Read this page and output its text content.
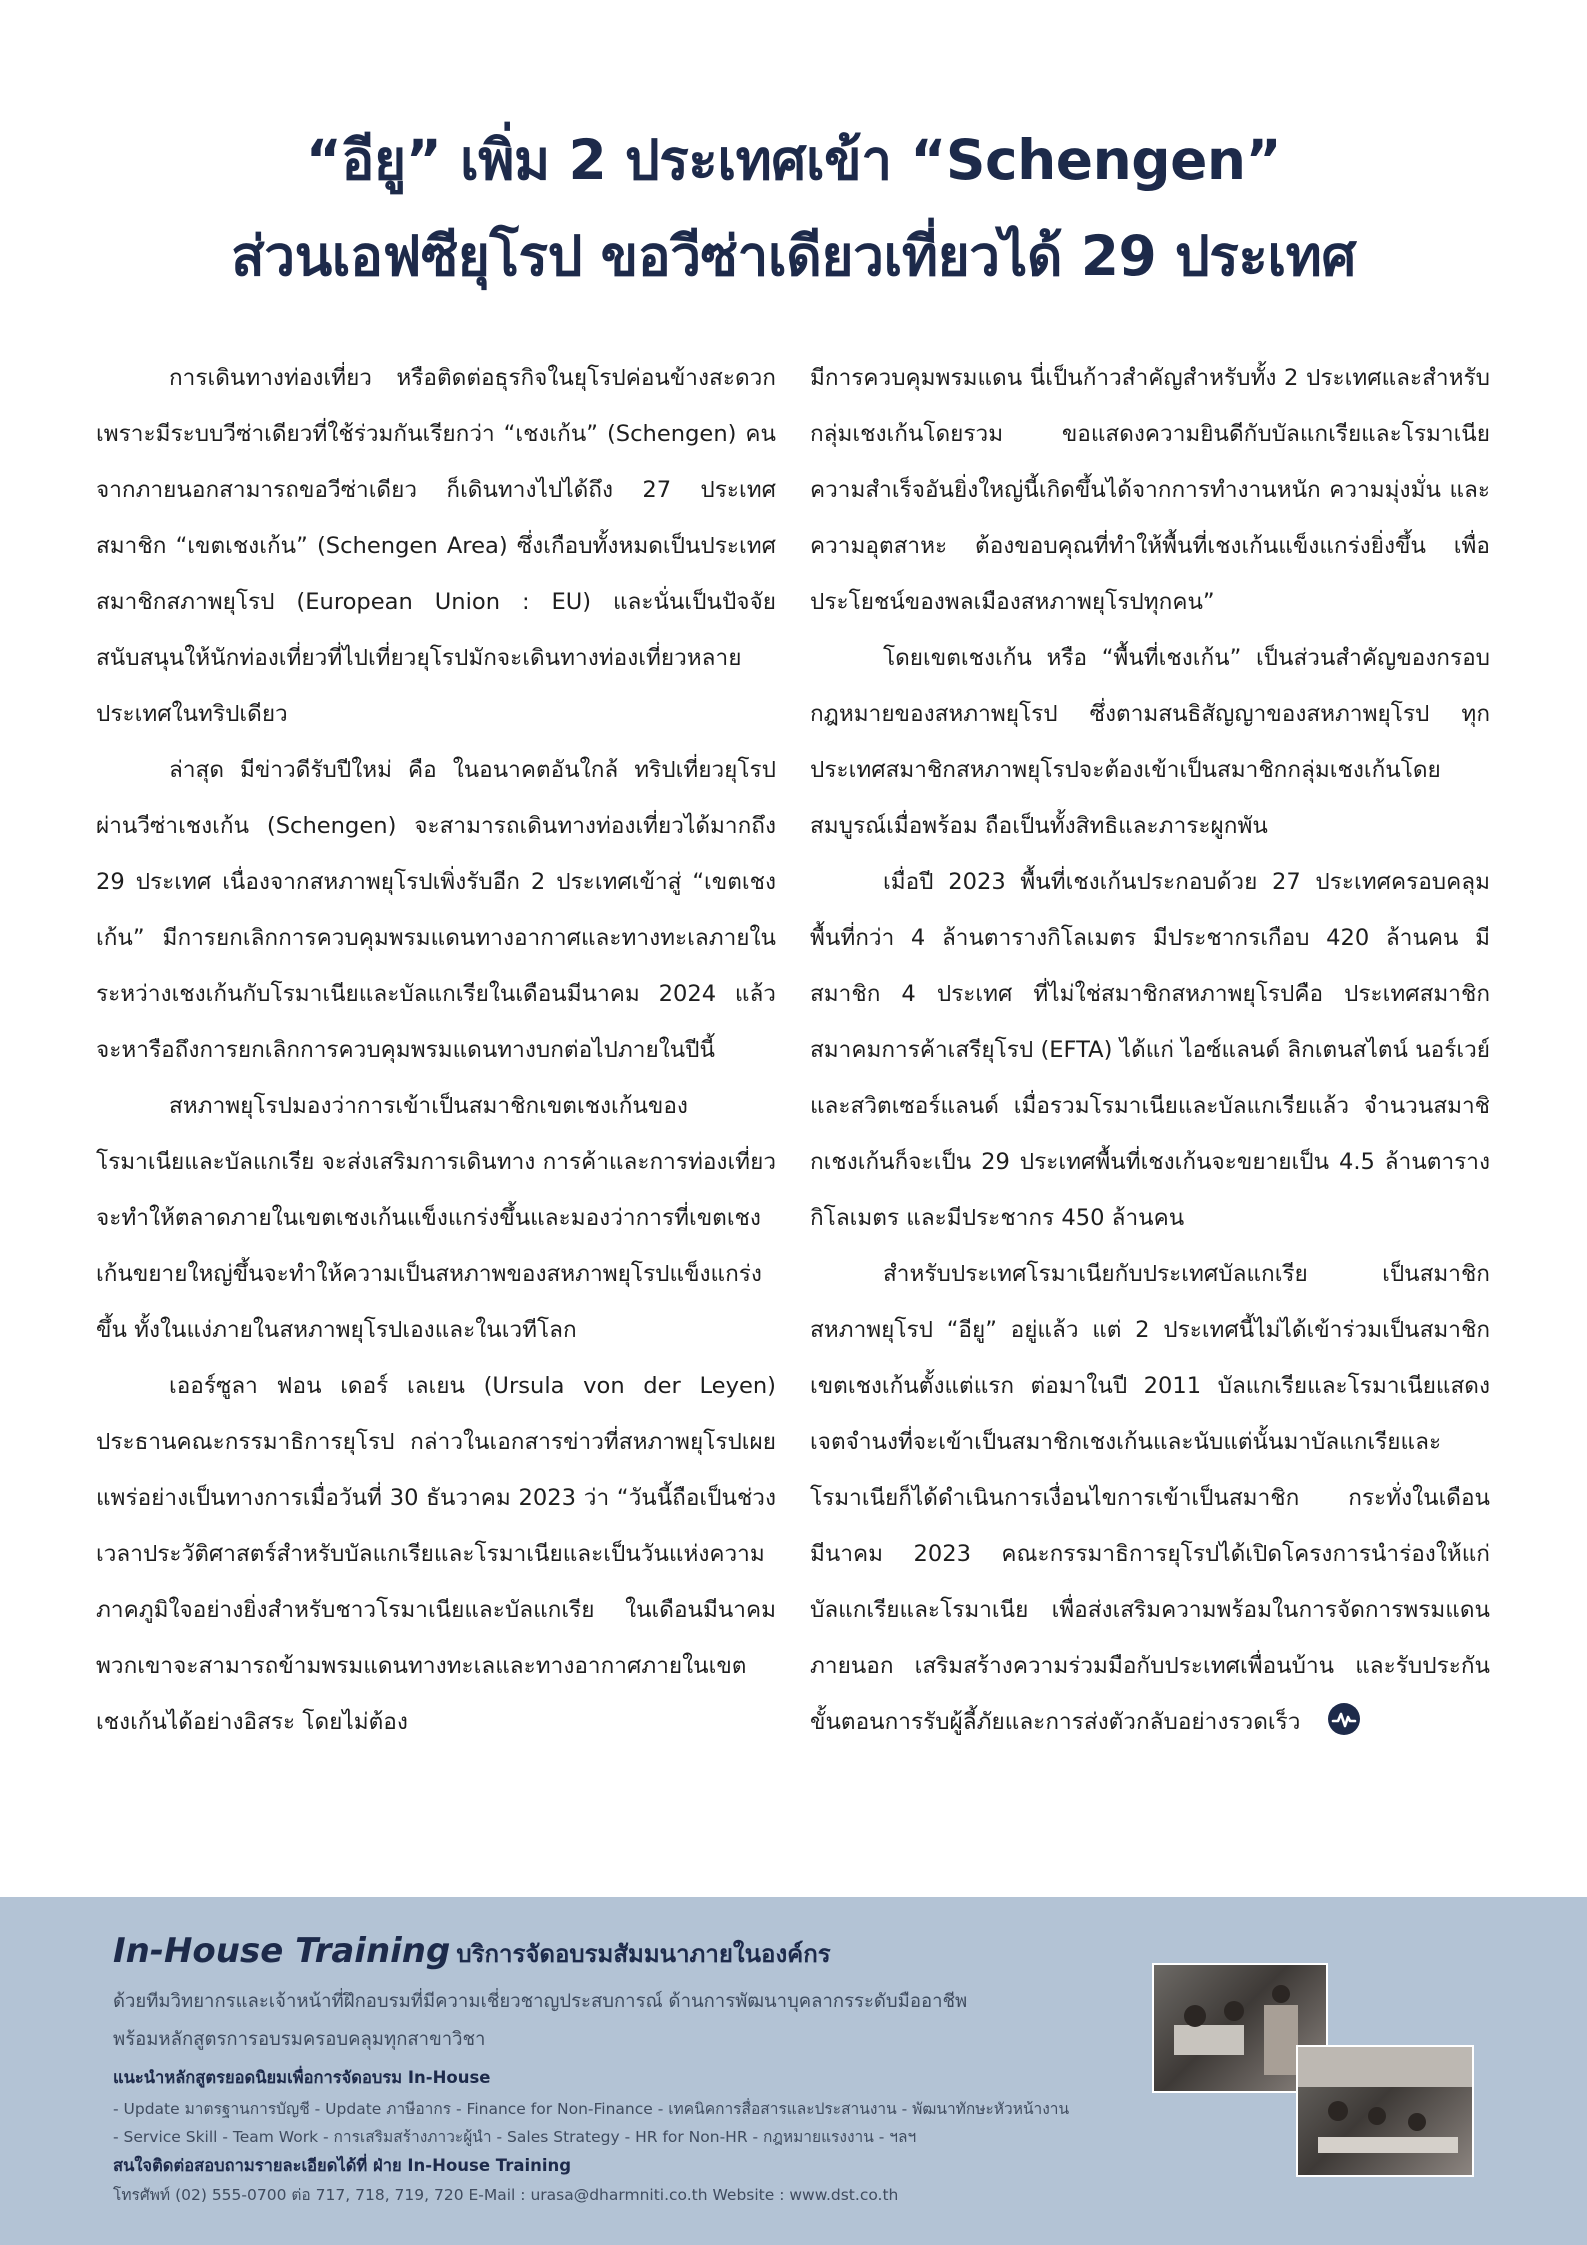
“อียู” เพิ่ม 2 ประเทศเข้า “Schengen”
ส่วนเอฟซียุโรป ขอวีซ่าเดียวเที่ยวได้ 29 ประเทศ

การเดินทางท่องเที่ยว หรือติดต่อธุรกิจในยุโรปค่อนข้างสะดวก เพราะมีระบบวีซ่าเดียวที่ใช้ร่วมกันเรียกว่า “เชงเก้น” (Schengen) คนจากภายนอกสามารถขอวีซ่าเดียว ก็เดินทางไปได้ถึง 27 ประเทศสมาชิก “เขตเชงเก้น” (Schengen Area) ซึ่งเกือบทั้งหมดเป็นประเทศสมาชิกสภาพยุโรป (European Union : EU) และนั่นเป็นปัจจัยสนับสนุนให้นักท่องเที่ยวที่ไปเที่ยวยุโรปมักจะเดินทางท่องเที่ยวหลายประเทศในทริปเดียว

ล่าสุด มีข่าวดีรับปีใหม่ คือ ในอนาคตอันใกล้ ทริปเที่ยวยุโรปผ่านวีซ่าเชงเก้น (Schengen) จะสามารถเดินทางท่องเที่ยวได้มากถึง 29 ประเทศ เนื่องจากสหภาพยุโรปเพิ่งรับอีก 2 ประเทศเข้าสู่ “เขตเชงเก้น” มีการยกเลิกการควบคุมพรมแดนทางอากาศและทางทะเลภายในระหว่างเชงเก้นกับโรมาเนียและบัลแกเรียในเดือนมีนาคม 2024 แล้วจะหารือถึงการยกเลิกการควบคุมพรมแดนทางบกต่อไปภายในปีนี้

สหภาพยุโรปมองว่าการเข้าเป็นสมาชิกเขตเชงเก้นของโรมาเนียและบัลแกเรีย จะส่งเสริมการเดินทาง การค้าและการท่องเที่ยว จะทำให้ตลาดภายในเขตเชงเก้นแข็งแกร่งขึ้นและมองว่าการที่เขตเชงเก้นขยายใหญ่ขึ้นจะทำให้ความเป็นสหภาพของสหภาพยุโรปแข็งแกร่งขึ้น ทั้งในแง่ภายในสหภาพยุโรปเองและในเวทีโลก

เออร์ซูลา ฟอน เดอร์ เลเยน (Ursula von der Leyen) ประธานคณะกรรมาธิการยุโรป กล่าวในเอกสารข่าวที่สหภาพยุโรปเผยแพร่อย่างเป็นทางการเมื่อวันที่ 30 ธันวาคม 2023 ว่า “วันนี้ถือเป็นช่วงเวลาประวัติศาสตร์สำหรับบัลแกเรียและโรมาเนียและเป็นวันแห่งความภาคภูมิใจอย่างยิ่งสำหรับชาวโรมาเนียและบัลแกเรีย ในเดือนมีนาคมพวกเขาจะสามารถข้ามพรมแดนทางทะเลและทางอากาศภายในเขตเชงเก้นได้อย่างอิสระ โดยไม่ต้อง

มีการควบคุมพรมแดน นี่เป็นก้าวสำคัญสำหรับทั้ง 2 ประเทศและสำหรับกลุ่มเชงเก้นโดยรวม ขอแสดงความยินดีกับบัลแกเรียและโรมาเนีย ความสำเร็จอันยิ่งใหญ่นี้เกิดขึ้นได้จากการทำงานหนัก ความมุ่งมั่น และความอุตสาหะ ต้องขอบคุณที่ทำให้พื้นที่เชงเก้นแข็งแกร่งยิ่งขึ้น เพื่อประโยชน์ของพลเมืองสหภาพยุโรปทุกคน”

โดยเขตเชงเก้น หรือ “พื้นที่เชงเก้น” เป็นส่วนสำคัญของกรอบกฎหมายของสหภาพยุโรป ซึ่งตามสนธิสัญญาของสหภาพยุโรป ทุกประเทศสมาชิกสหภาพยุโรปจะต้องเข้าเป็นสมาชิกกลุ่มเชงเก้นโดยสมบูรณ์เมื่อพร้อม ถือเป็นทั้งสิทธิและภาระผูกพัน

เมื่อปี 2023 พื้นที่เชงเก้นประกอบด้วย 27 ประเทศครอบคลุมพื้นที่กว่า 4 ล้านตารางกิโลเมตร มีประชากรเกือบ 420 ล้านคน มีสมาชิก 4 ประเทศ ที่ไม่ใช่สมาชิกสหภาพยุโรปคือ ประเทศสมาชิกสมาคมการค้าเสรียุโรป (EFTA) ได้แก่ ไอซ์แลนด์ ลิกเตนสไตน์ นอร์เวย์ และสวิตเซอร์แลนด์ เมื่อรวมโรมาเนียและบัลแกเรียแล้ว จำนวนสมาชิกเชงเก้นก็จะเป็น 29 ประเทศพื้นที่เชงเก้นจะขยายเป็น 4.5 ล้านตารางกิโลเมตร และมีประชากร 450 ล้านคน

สำหรับประเทศโรมาเนียกับประเทศบัลแกเรีย เป็นสมาชิกสหภาพยุโรป “อียู” อยู่แล้ว แต่ 2 ประเทศนี้ไม่ได้เข้าร่วมเป็นสมาชิกเขตเชงเก้นตั้งแต่แรก ต่อมาในปี 2011 บัลแกเรียและโรมาเนียแสดงเจตจำนงที่จะเข้าเป็นสมาชิกเชงเก้นและนับแต่นั้นมาบัลแกเรียและโรมาเนียก็ได้ดำเนินการเงื่อนไขการเข้าเป็นสมาชิก กระทั่งในเดือนมีนาคม 2023 คณะกรรมาธิการยุโรปได้เปิดโครงการนำร่องให้แก่บัลแกเรียและโรมาเนีย เพื่อส่งเสริมความพร้อมในการจัดการพรมแดนภายนอก เสริมสร้างความร่วมมือกับประเทศเพื่อนบ้าน และรับประกันขั้นตอนการรับผู้ลี้ภัยและการส่งตัวกลับอย่างรวดเร็ว

In-House Training บริการจัดอบรมสัมมนาภายในองค์กร
ด้วยทีมวิทยากรและเจ้าหน้าที่ฝึกอบรมที่มีความเชี่ยวชาญประสบการณ์ ด้านการพัฒนาบุคลากรระดับมืออาชีพ
พร้อมหลักสูตรการอบรมครอบคลุมทุกสาขาวิชา
แนะนำหลักสูตรยอดนิยมเพื่อการจัดอบรม In-House
- Update มาตรฐานการบัญชี - Update ภาษีอากร - Finance for Non-Finance - เทคนิคการสื่อสารและประสานงาน - พัฒนาทักษะหัวหน้างาน
- Service Skill - Team Work - การเสริมสร้างภาวะผู้นำ - Sales Strategy - HR for Non-HR - กฎหมายแรงงาน - ฯลฯ
สนใจติดต่อสอบถามรายละเอียดได้ที่ ฝ่าย In-House Training
โทรศัพท์ (02) 555-0700 ต่อ 717, 718, 719, 720 E-Mail : urasa@dharmniti.co.th Website : www.dst.co.th
